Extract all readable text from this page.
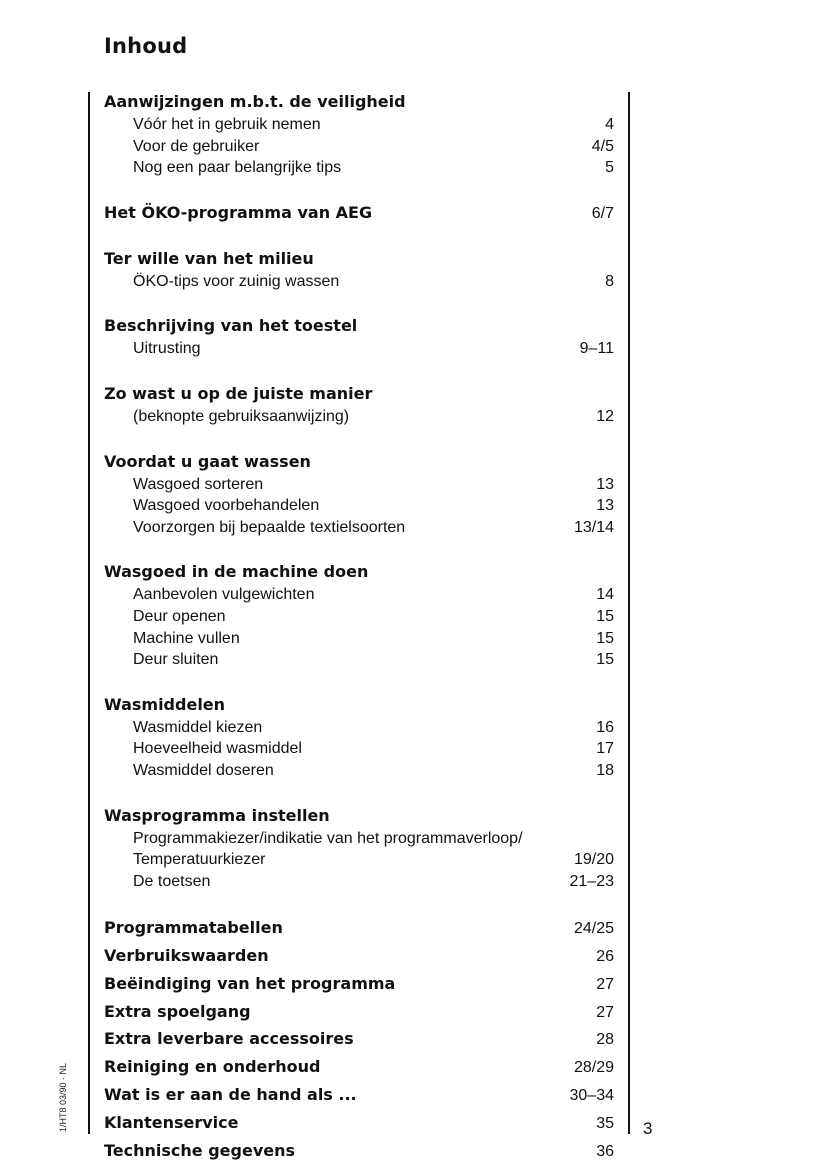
Inhoud
Aanwijzingen m.b.t. de veiligheid
Vóór het in gebruik nemen	4
Voor de gebruiker	4/5
Nog een paar belangrijke tips	5
Het ÖKO-programma van AEG	6/7
Ter wille van het milieu
ÖKO-tips voor zuinig wassen	8
Beschrijving van het toestel
Uitrusting	9–11
Zo wast u op de juiste manier
(beknopte gebruiksaanwijzing)	12
Voordat u gaat wassen
Wasgoed sorteren	13
Wasgoed voorbehandelen	13
Voorzorgen bij bepaalde textielsoorten	13/14
Wasgoed in de machine doen
Aanbevolen vulgewichten	14
Deur openen	15
Machine vullen	15
Deur sluiten	15
Wasmiddelen
Wasmiddel kiezen	16
Hoeveelheid wasmiddel	17
Wasmiddel doseren	18
Wasprogramma instellen
Programmakiezer/indikatie van het programmaverloop/
Temperatuurkiezer	19/20
De toetsen	21–23
Programmatabellen	24/25
Verbruikswaarden	26
Beëindiging van het programma	27
Extra spoelgang	27
Extra leverbare accessoires	28
Reiniging en onderhoud	28/29
Wat is er aan de hand als ...	30–34
Klantenservice	35
Technische gegevens	36
3
1/HT8 03/90 · NL
